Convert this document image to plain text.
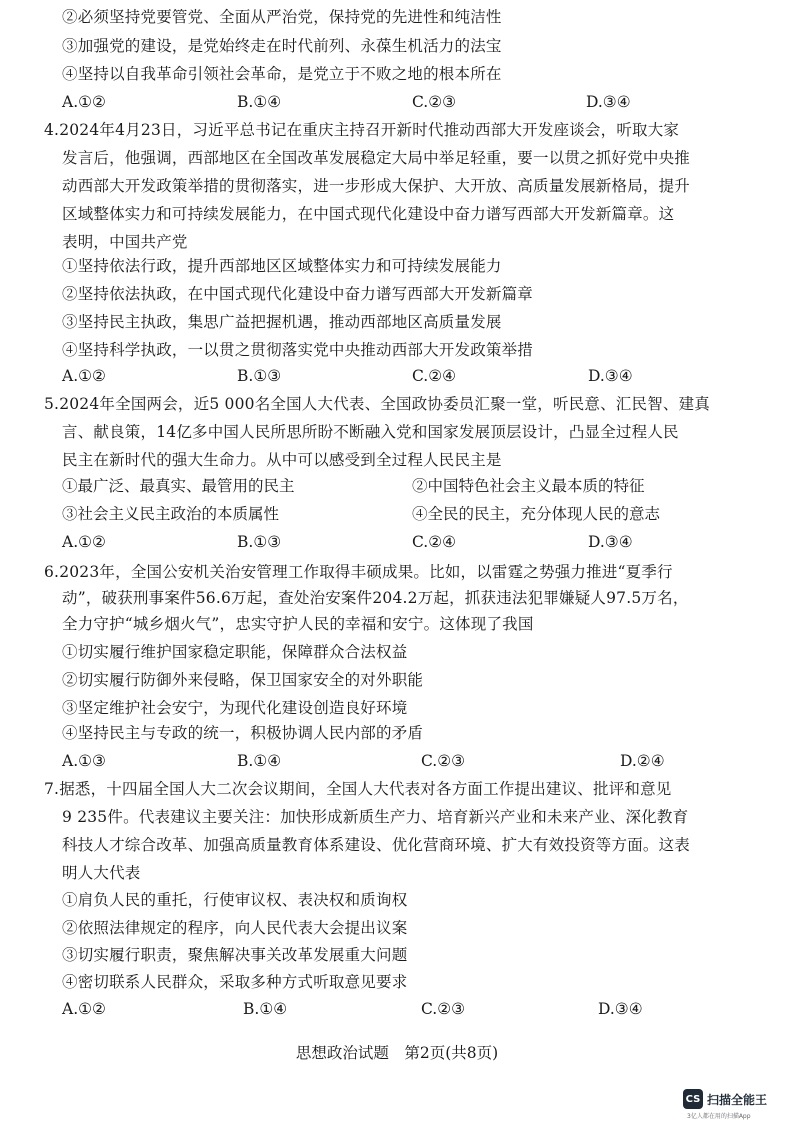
②必须坚持党要管党、全面从严治党，保持党的先进性和纯洁性
③加强党的建设，是党始终走在时代前列、永葆生机活力的法宝
④坚持以自我革命引领社会革命，是党立于不败之地的根本所在
A.①②	B.①④	C.②③	D.③④
4.2024年4月23日，习近平总书记在重庆主持召开新时代推动西部大开发座谈会，听取大家
发言后，他强调，西部地区在全国改革发展稳定大局中举足轻重，要一以贯之抓好党中央推
动西部大开发政策举措的贯彻落实，进一步形成大保护、大开放、高质量发展新格局，提升
区域整体实力和可持续发展能力，在中国式现代化建设中奋力谱写西部大开发新篇章。这
表明，中国共产党
①坚持依法行政，提升西部地区区域整体实力和可持续发展能力
②坚持依法执政，在中国式现代化建设中奋力谱写西部大开发新篇章
③坚持民主执政，集思广益把握机遇，推动西部地区高质量发展
④坚持科学执政，一以贯之贯彻落实党中央推动西部大开发政策举措
A.①②	B.①③	C.②④	D.③④
5.2024年全国两会，近5 000名全国人大代表、全国政协委员汇聚一堂，听民意、汇民智、建真
言、献良策，14亿多中国人民所思所盼不断融入党和国家发展顶层设计，凸显全过程人民
民主在新时代的强大生命力。从中可以感受到全过程人民民主是
①最广泛、最真实、最管用的民主	②中国特色社会主义最本质的特征
③社会主义民主政治的本质属性	④全民的民主，充分体现人民的意志
A.①②	B.①③	C.②④	D.③④
6.2023年，全国公安机关治安管理工作取得丰硕成果。比如，以雷霆之势强力推进“夏季行
动”，破获刑事案件56.6万起，查处治安案件204.2万起，抓获违法犯罪嫌疑人97.5万名，
全力守护“城乡烟火气”，忠实守护人民的幸福和安宁。这体现了我国
①切实履行维护国家稳定职能，保障群众合法权益
②切实履行防御外来侵略，保卫国家安全的对外职能
③坚定维护社会安宁，为现代化建设创造良好环境
④坚持民主与专政的统一，积极协调人民内部的矛盾
A.①③	B.①④	C.②③	D.②④
7.据悉，十四届全国人大二次会议期间，全国人大代表对各方面工作提出建议、批评和意见
9 235件。代表建议主要关注：加快形成新质生产力、培育新兴产业和未来产业、深化教育
科技人才综合改革、加强高质量教育体系建设、优化营商环境、扩大有效投资等方面。这表
明人大代表
①肩负人民的重托，行使审议权、表决权和质询权
②依照法律规定的程序，向人民代表大会提出议案
③切实履行职责，聚焦解决事关改革发展重大问题
④密切联系人民群众，采取多种方式听取意见要求
A.①②	B.①④	C.②③	D.③④
思想政治试题　第2页(共8页)
CS 扫描全能王
3亿人都在用的扫描App
